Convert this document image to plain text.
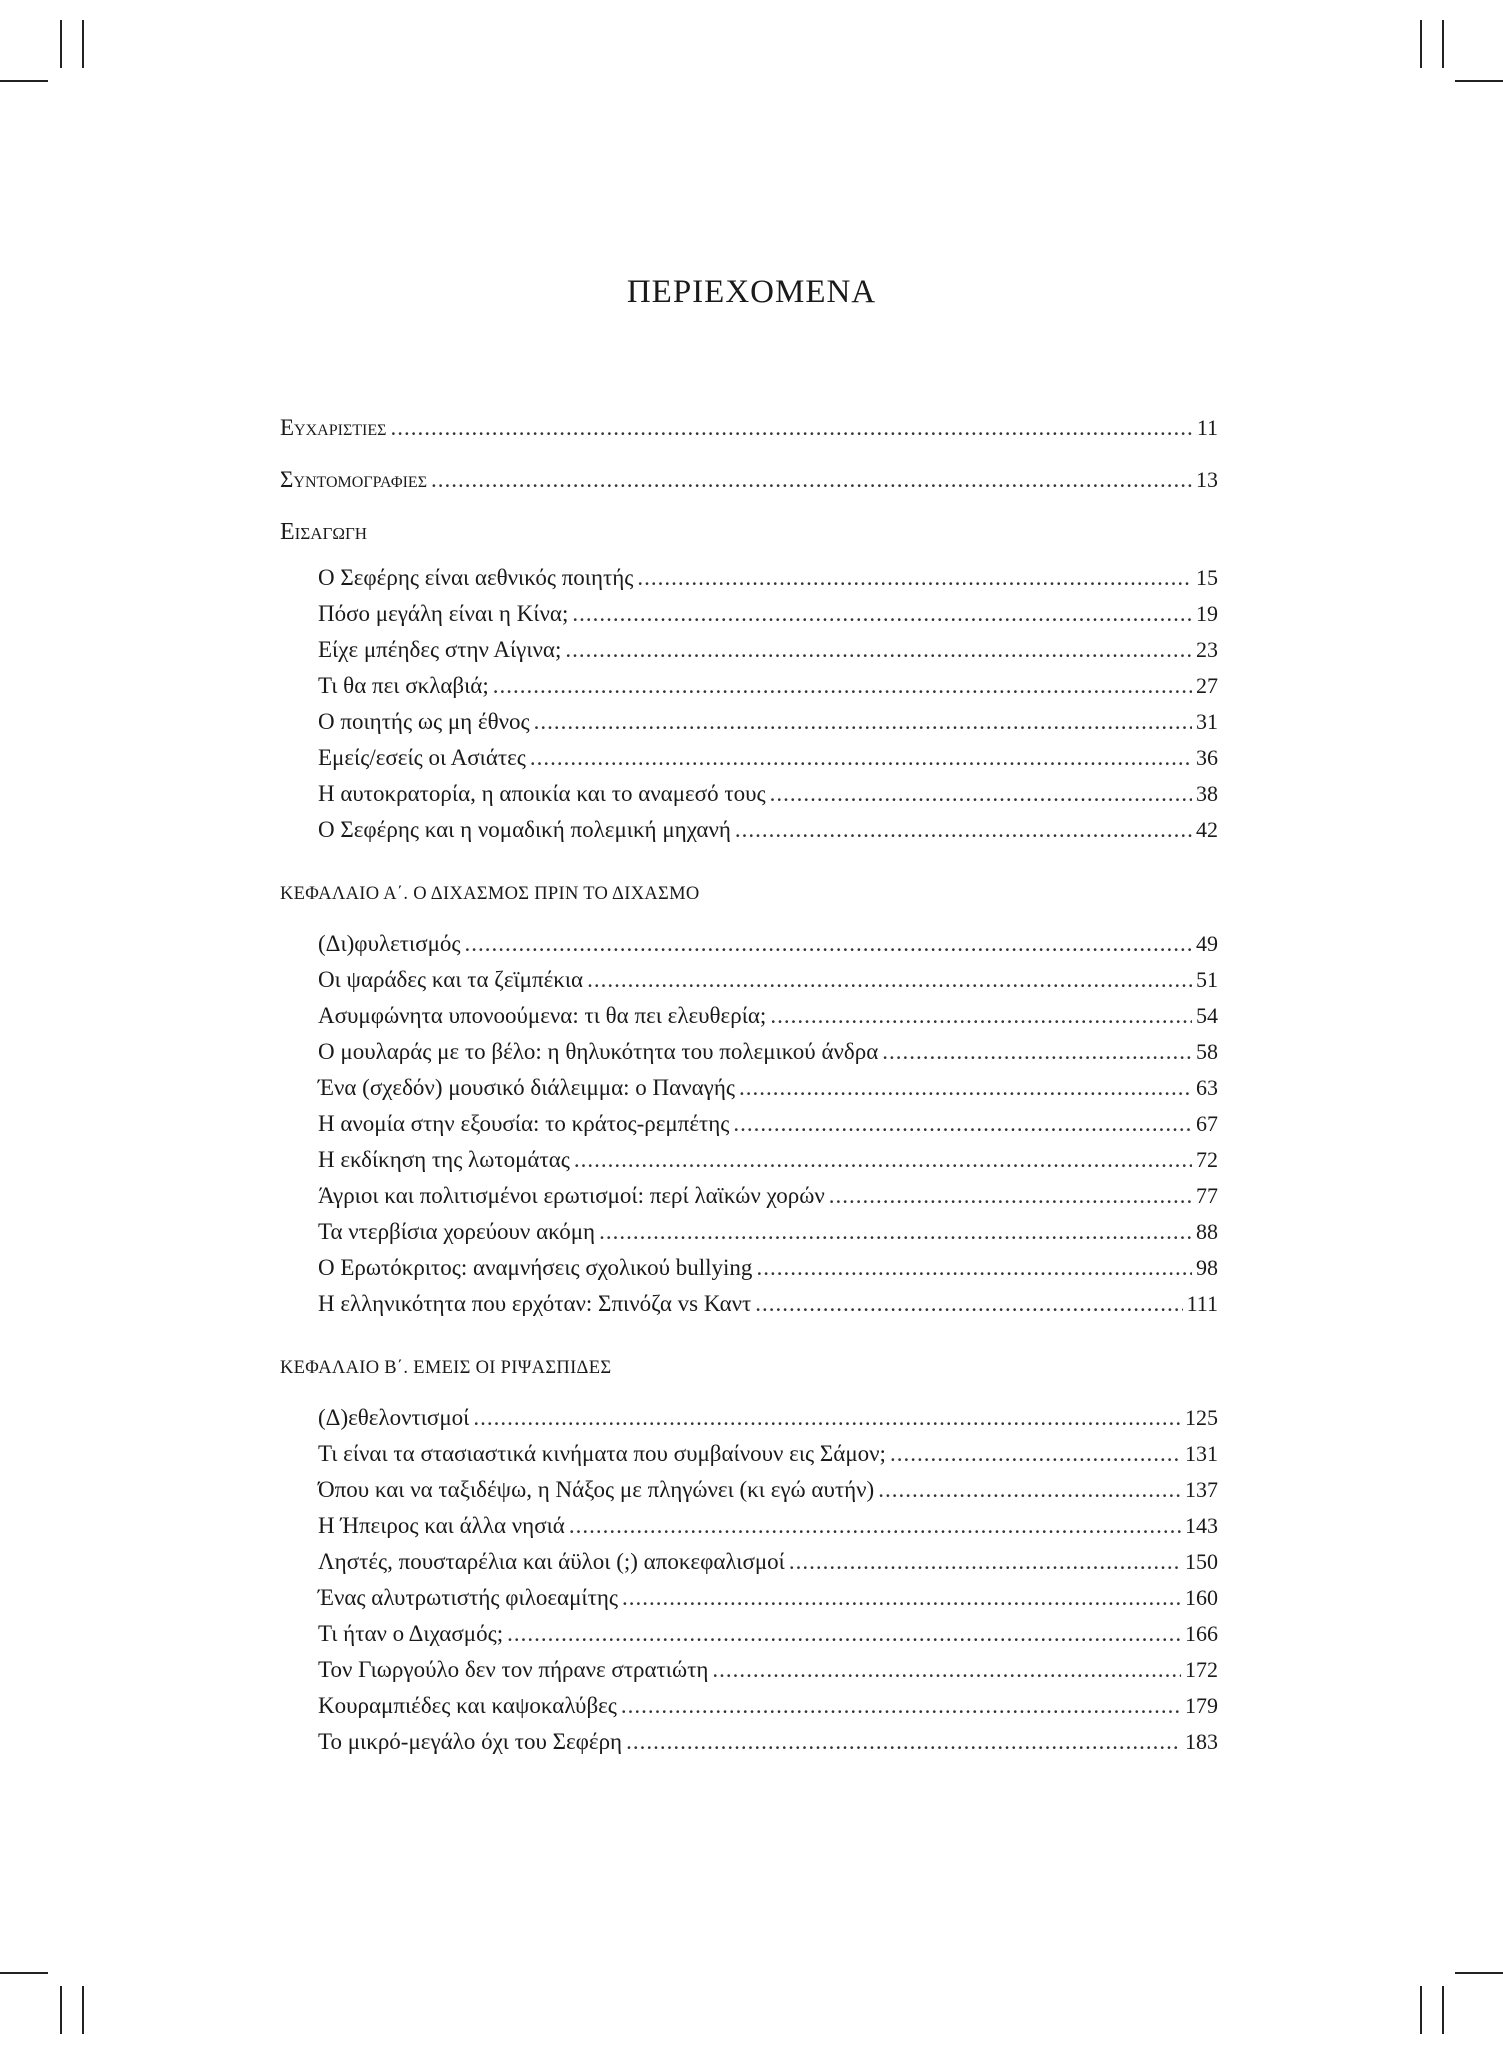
ΠΕΡΙΕΧΟΜΕΝΑ
Ευχαριστιεσ .....	11
Συντομογραφιεσ .....	13
Εισαγωγη
Ο Σεφέρης είναι αεθνικός ποιητής .....	15
Πόσο μεγάλη είναι η Κίνα; .....	19
Είχε μπέηδες στην Αίγινα; .....	23
Τι θα πει σκλαβιά; .....	27
Ο ποιητής ως μη έθνος .....	31
Εμείς/εσείς οι Ασιάτες .....	36
Η αυτοκρατορία, η αποικία και το αναμεσό τους .....	38
Ο Σεφέρης και η νομαδική πολεμική μηχανή .....	42
ΚΕΦΑΛΑΙΟ Α΄. Ο ΔΙΧΑΣΜΟΣ ΠΡΙΝ ΤΟ ΔΙΧΑΣΜΟ
(Δι)φυλετισμός .....	49
Οι ψαράδες και τα ζεϊμπέκια .....	51
Ασυμφώνητα υπονοούμενα: τι θα πει ελευθερία; .....	54
Ο μουλαράς με το βέλο: η θηλυκότητα του πολεμικού άνδρα .....	58
Ένα (σχεδόν) μουσικό διάλειμμα: ο Παναγής .....	63
Η ανομία στην εξουσία: το κράτος-ρεμπέτης .....	67
Η εκδίκηση της λωτομάτας .....	72
Άγριοι και πολιτισμένοι ερωτισμοί: περί λαϊκών χορών .....	77
Τα ντερβίσια χορεύουν ακόμη .....	88
Ο Ερωτόκριτος: αναμνήσεις σχολικού bullying .....	98
Η ελληνικότητα που ερχόταν: Σπινόζα vs Καντ .....	111
ΚΕΦΑΛΑΙΟ Β΄. ΕΜΕΙΣ ΟΙ ΡΙΨΑΣΠΙΔΕΣ
(Δ)εθελοντισμοί .....	125
Τι είναι τα στασιαστικά κινήματα που συμβαίνουν εις Σάμον; .....	131
Όπου και να ταξιδέψω, η Νάξος με πληγώνει (κι εγώ αυτήν) .....	137
Η Ήπειρος και άλλα νησιά .....	143
Ληστές, πουσταρέλια και άϋλοι (;) αποκεφαλισμοί .....	150
Ένας αλυτρωτιστής φιλοεαμίτης .....	160
Τι ήταν ο Διχασμός; .....	166
Τον Γιωργούλο δεν τον πήρανε στρατιώτη .....	172
Κουραμπιέδες και καψοκαλύβες .....	179
Το μικρό-μεγάλο όχι του Σεφέρη .....	183
